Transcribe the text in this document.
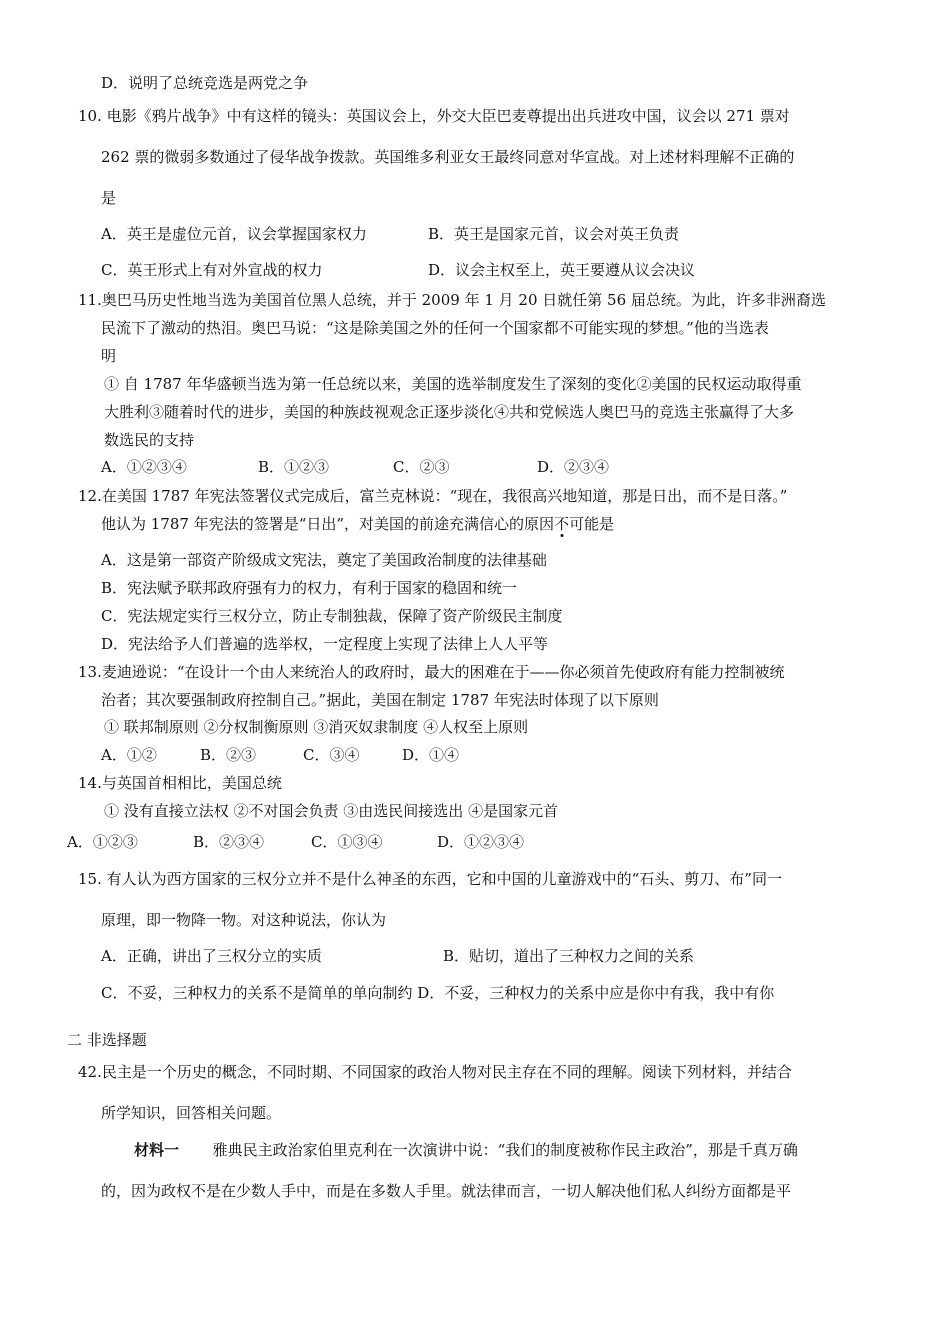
D．说明了总统竞选是两党之争
10. 电影《鸦片战争》中有这样的镜头：英国议会上，外交大臣巴麦尊提出出兵进攻中国，议会以 271 票对
262 票的微弱多数通过了侵华战争拨款。英国维多利亚女王最终同意对华宣战。对上述材料理解不正确的
是
A．英王是虚位元首，议会掌握国家权力	B．英王是国家元首，议会对英王负责
C．英王形式上有对外宣战的权力	D．议会主权至上，英王要遵从议会决议
11.奥巴马历史性地当选为美国首位黑人总统，并于 2009 年 1 月 20 日就任第 56 届总统。为此，许多非洲裔选
民流下了激动的热泪。奥巴马说：“这是除美国之外的任何一个国家都不可能实现的梦想。”他的当选表
明
① 自 1787 年华盛顿当选为第一任总统以来，美国的选举制度发生了深刻的变化②美国的民权运动取得重
大胜利③随着时代的进步，美国的种族歧视观念正逐步淡化④共和党候选人奥巴马的竞选主张赢得了大多
数选民的支持
A．①②③④	B．①②③	C．②③	D．②③④
12.在美国 1787 年宪法签署仪式完成后，富兰克林说：“现在，我很高兴地知道，那是日出，而不是日落。”
他认为 1787 年宪法的签署是“日出”，对美国的前途充满信心的原因不可能是
A．这是第一部资产阶级成文宪法，奠定了美国政治制度的法律基础
B．宪法赋予联邦政府强有力的权力，有利于国家的稳固和统一
C．宪法规定实行三权分立，防止专制独裁，保障了资产阶级民主制度
D．宪法给予人们普遍的选举权，一定程度上实现了法律上人人平等
13.麦迪逊说：“在设计一个由人来统治人的政府时，最大的困难在于——你必须首先使政府有能力控制被统
治者；其次要强制政府控制自己。”据此，美国在制定 1787 年宪法时体现了以下原则
① 联邦制原则 ②分权制衡原则 ③消灭奴隶制度 ④人权至上原则
A．①②	B．②③	C．③④	D．①④
14.与英国首相相比，美国总统
① 没有直接立法权 ②不对国会负责 ③由选民间接选出 ④是国家元首
A．①②③	B．②③④	C．①③④	D．①②③④
15. 有人认为西方国家的三权分立并不是什么神圣的东西，它和中国的儿童游戏中的“石头、剪刀、布”同一
原理，即一物降一物。对这种说法，你认为
A．正确，讲出了三权分立的实质	B．贴切，道出了三种权力之间的关系
C．不妥，三种权力的关系不是简单的单向制约 D．不妥，三种权力的关系中应是你中有我，我中有你
二 非选择题
42.民主是一个历史的概念，不同时期、不同国家的政治人物对民主存在不同的理解。阅读下列材料，并结合
所学知识，回答相关问题。
材料一 雅典民主政治家伯里克利在一次演讲中说：“我们的制度被称作民主政治”，那是千真万确
的，因为政权不是在少数人手中，而是在多数人手里。就法律而言，一切人解决他们私人纠纷方面都是平
